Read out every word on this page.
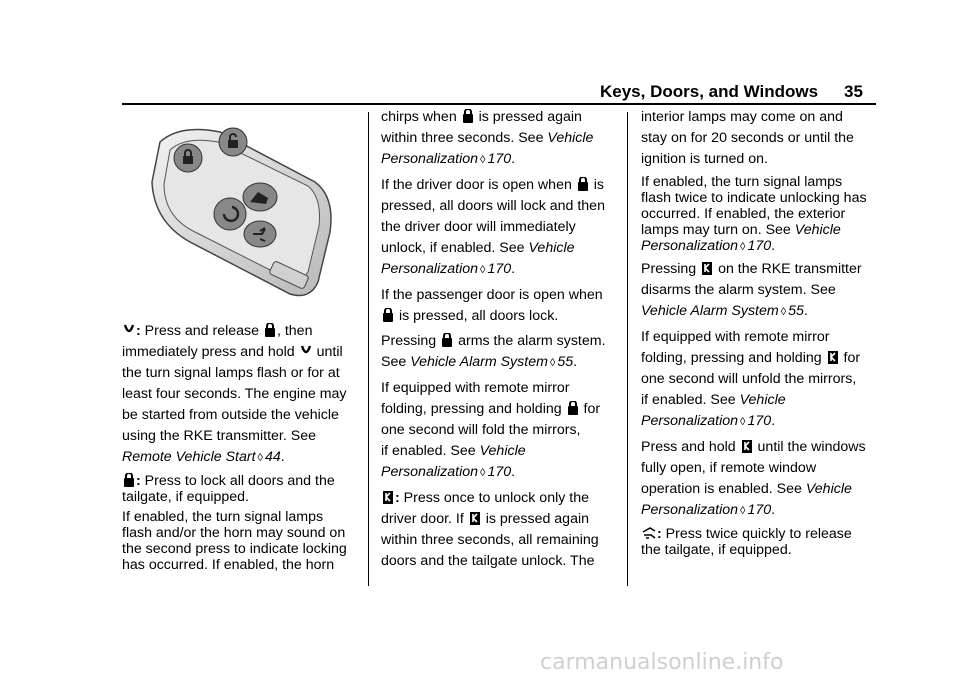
Keys, Doors, and Windows 35

: Press and release , then
immediately press and hold  until
the turn signal lamps flash or for at
least four seconds. The engine may
be started from outside the vehicle
using the RKE transmitter. See
Remote Vehicle Start ◊ 44.

: Press to lock all doors and the
tailgate, if equipped.

If enabled, the turn signal lamps
flash and/or the horn may sound on
the second press to indicate locking
has occurred. If enabled, the horn

chirps when  is pressed again
within three seconds. See Vehicle
Personalization ◊ 170.

If the driver door is open when  is
pressed, all doors will lock and then
the driver door will immediately
unlock, if enabled. See Vehicle
Personalization ◊ 170.

If the passenger door is open when
is pressed, all doors lock.

Pressing  arms the alarm system.
See Vehicle Alarm System ◊ 55.

If equipped with remote mirror
folding, pressing and holding  for
one second will fold the mirrors,
if enabled. See Vehicle
Personalization ◊ 170.

: Press once to unlock only the
driver door. If  is pressed again
within three seconds, all remaining
doors and the tailgate unlock. The

interior lamps may come on and
stay on for 20 seconds or until the
ignition is turned on.

If enabled, the turn signal lamps
flash twice to indicate unlocking has
occurred. If enabled, the exterior
lamps may turn on. See Vehicle
Personalization ◊ 170.

Pressing  on the RKE transmitter
disarms the alarm system. See
Vehicle Alarm System ◊ 55.

If equipped with remote mirror
folding, pressing and holding  for
one second will unfold the mirrors,
if enabled. See Vehicle
Personalization ◊ 170.

Press and hold  until the windows
fully open, if remote window
operation is enabled. See Vehicle
Personalization ◊ 170.

: Press twice quickly to release
the tailgate, if equipped.

carmanualsonline.info
